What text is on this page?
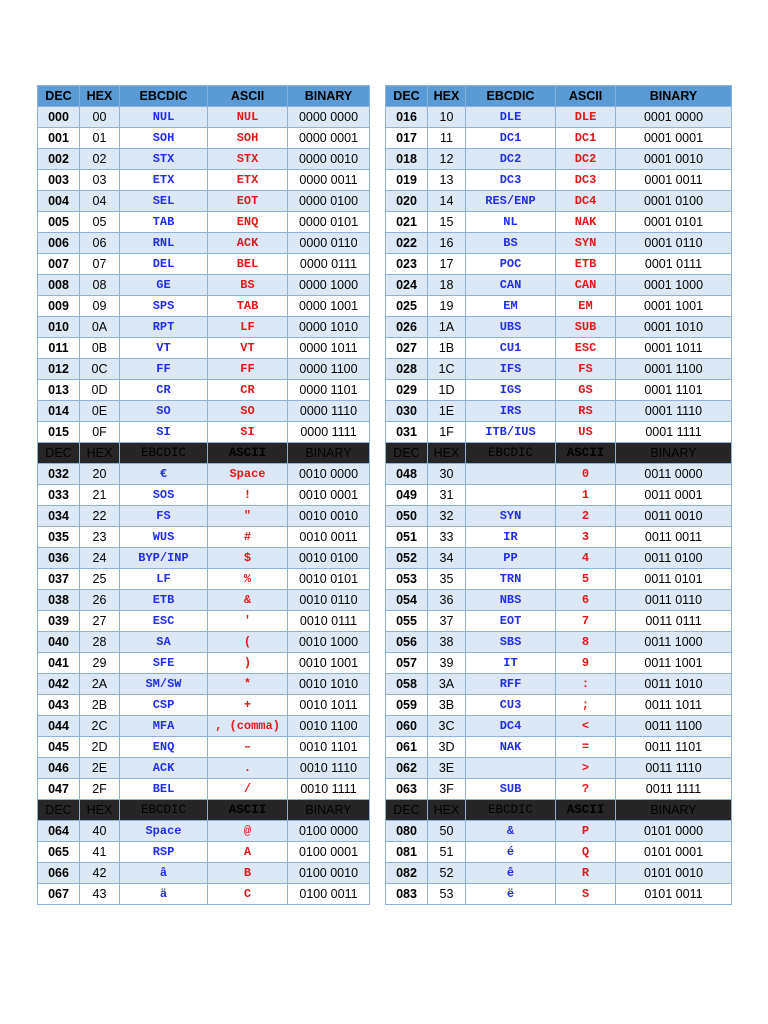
DEC	HEX	EBCDIC	ASCII	BINARY		DEC	HEX	EBCDIC	ASCII	BINARY
000	00	NUL	NUL	0000 0000		016	10	DLE	DLE	0001 0000
001	01	SOH	SOH	0000 0001		017	11	DC1	DC1	0001 0001
002	02	STX	STX	0000 0010		018	12	DC2	DC2	0001 0010
003	03	ETX	ETX	0000 0011		019	13	DC3	DC3	0001 0011
004	04	SEL	EOT	0000 0100		020	14	RES/ENP	DC4	0001 0100
005	05	TAB	ENQ	0000 0101		021	15	NL	NAK	0001 0101
006	06	RNL	ACK	0000 0110		022	16	BS	SYN	0001 0110
007	07	DEL	BEL	0000 0111		023	17	POC	ETB	0001 0111
008	08	GE	BS	0000 1000		024	18	CAN	CAN	0001 1000
009	09	SPS	TAB	0000 1001		025	19	EM	EM	0001 1001
010	0A	RPT	LF	0000 1010		026	1A	UBS	SUB	0001 1010
011	0B	VT	VT	0000 1011		027	1B	CU1	ESC	0001 1011
012	0C	FF	FF	0000 1100		028	1C	IFS	FS	0001 1100
013	0D	CR	CR	0000 1101		029	1D	IGS	GS	0001 1101
014	0E	SO	SO	0000 1110		030	1E	IRS	RS	0001 1110
015	0F	SI	SI	0000 1111		031	1F	ITB/IUS	US	0001 1111
DEC	HEX	EBCDIC	ASCII	BINARY		DEC	HEX	EBCDIC	ASCII	BINARY
032	20	€	Space	0010 0000		048	30		0	0011 0000
033	21	SOS	!	0010 0001		049	31		1	0011 0001
034	22	FS	"	0010 0010		050	32	SYN	2	0011 0010
035	23	WUS	#	0010 0011		051	33	IR	3	0011 0011
036	24	BYP/INP	$	0010 0100		052	34	PP	4	0011 0100
037	25	LF	%	0010 0101		053	35	TRN	5	0011 0101
038	26	ETB	&	0010 0110		054	36	NBS	6	0011 0110
039	27	ESC	'	0010 0111		055	37	EOT	7	0011 0111
040	28	SA	(	0010 1000		056	38	SBS	8	0011 1000
041	29	SFE	)	0010 1001		057	39	IT	9	0011 1001
042	2A	SM/SW	*	0010 1010		058	3A	RFF	:	0011 1010
043	2B	CSP	+	0010 1011		059	3B	CU3	;	0011 1011
044	2C	MFA	, (comma)	0010 1100		060	3C	DC4	<	0011 1100
045	2D	ENQ	–	0010 1101		061	3D	NAK	=	0011 1101
046	2E	ACK	.	0010 1110		062	3E		>	0011 1110
047	2F	BEL	/	0010 1111		063	3F	SUB	?	0011 1111
DEC	HEX	EBCDIC	ASCII	BINARY		DEC	HEX	EBCDIC	ASCII	BINARY
064	40	Space	@	0100 0000		080	50	&	P	0101 0000
065	41	RSP	A	0100 0001		081	51	é	Q	0101 0001
066	42	â	B	0100 0010		082	52	ê	R	0101 0010
067	43	ä	C	0100 0011		083	53	ë	S	0101 0011
